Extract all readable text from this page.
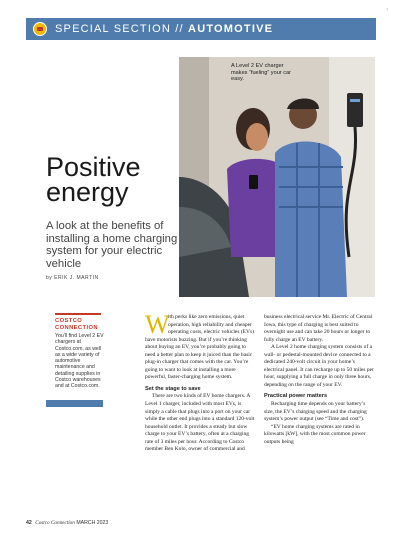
7
SPECIAL SECTION // AUTOMOTIVE
A Level 2 EV charger makes “fueling” your car easy.
Positive
energy

A look at the benefits of installing a home charging system for your electric vehicle

by ERIK J. MARTIN
COSTCO
CONNECTION
You’ll find Level 2 EV chargers at Costco.com, as well as a wide variety of automotive maintenance and detailing supplies in Costco warehouses and at Costco.com.
W

ith perks like zero emissions, quiet operation, high reliability and cheaper operating costs, electric vehicles (EVs) have motorists buzzing. But if you’re thinking about buying an EV, you’re probably going to need a better plan to keep it juiced than the basic plug-in charger that comes with the car. You’re going to want to look at installing a more powerful, faster-charging home system.

Set the stage to save

There are two kinds of EV home chargers. A Level 1 charger, included with most EVs, is simply a cable that plugs into a port on your car while the other end plugs into a standard 120-volt household outlet. It provides a steady but slow charge to your EV’s battery, often at a charging rate of 3 miles per hour. According to Costco member Ben Kolo, owner of commercial and

business electrical service Mr. Electric of Central Iowa, this type of charging is best suited to overnight use and can take 20 hours or longer to fully charge an EV battery.

A Level 2 home charging system consists of a wall- or pedestal-mounted device connected to a dedicated 240-volt circuit in your home’s electrical panel. It can recharge up to 50 miles per hour, supplying a full charge in only three hours, depending on the range of your EV.

Practical power matters

Recharging time depends on your battery’s size, the EV’s charging speed and the charging system’s power output (see “Time and cost”).

“EV home charging systems are rated in kilowatts [kW], with the most common power outputs being

42 Costco Connection MARCH 2023
